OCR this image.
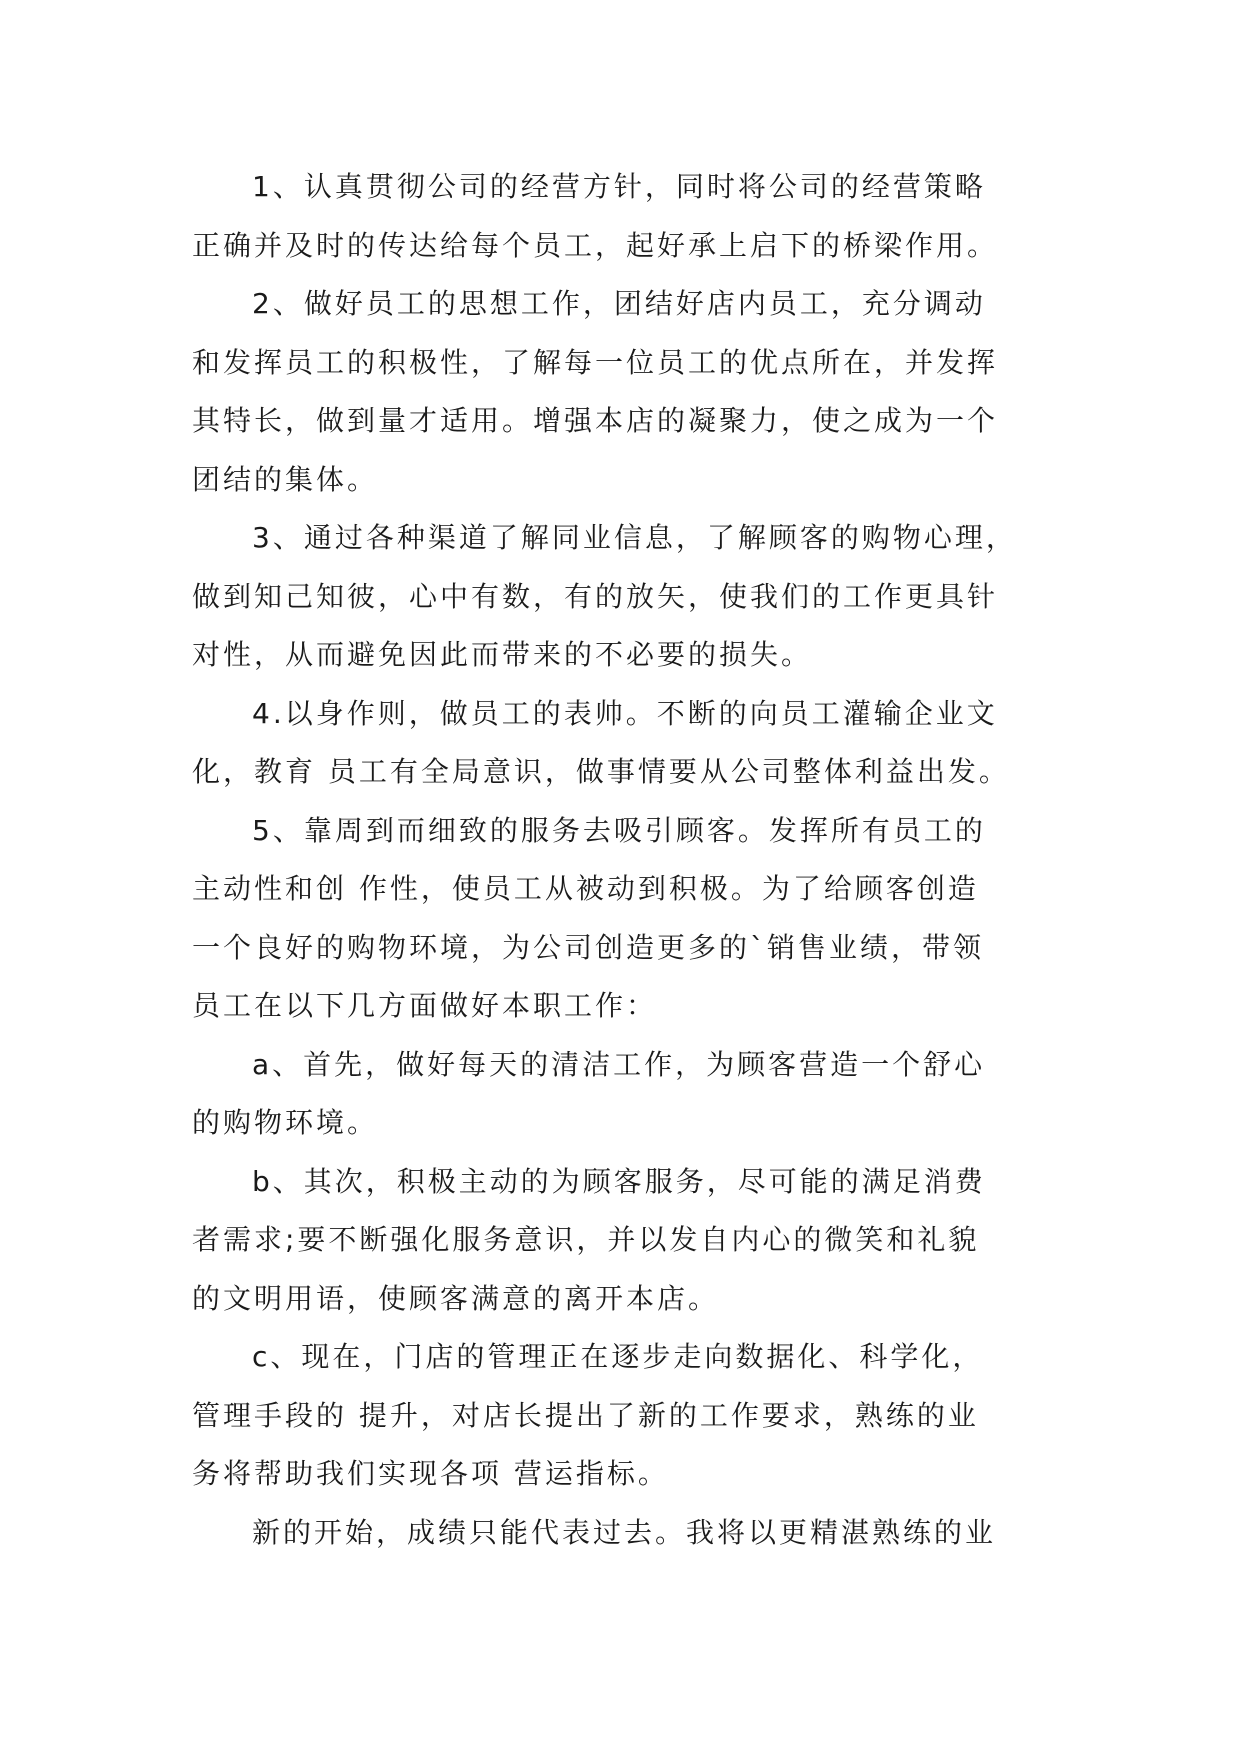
1、认真贯彻公司的经营方针，同时将公司的经营策略
正确并及时的传达给每个员工，起好承上启下的桥梁作用。
2、做好员工的思想工作，团结好店内员工，充分调动
和发挥员工的积极性，了解每一位员工的优点所在，并发挥
其特长，做到量才适用。增强本店的凝聚力，使之成为一个
团结的集体。
3、通过各种渠道了解同业信息，了解顾客的购物心理，
做到知己知彼，心中有数，有的放矢，使我们的工作更具针
对性，从而避免因此而带来的不必要的损失。
4.以身作则，做员工的表帅。不断的向员工灌输企业文
化，教育 员工有全局意识，做事情要从公司整体利益出发。
5、靠周到而细致的服务去吸引顾客。发挥所有员工的
主动性和创 作性，使员工从被动到积极。为了给顾客创造
一个良好的购物环境，为公司创造更多的`销售业绩，带领
员工在以下几方面做好本职工作：
a、首先，做好每天的清洁工作，为顾客营造一个舒心
的购物环境。
b、其次，积极主动的为顾客服务，尽可能的满足消费
者需求;要不断强化服务意识，并以发自内心的微笑和礼貌
的文明用语，使顾客满意的离开本店。
c、现在，门店的管理正在逐步走向数据化、科学化，
管理手段的 提升，对店长提出了新的工作要求，熟练的业
务将帮助我们实现各项 营运指标。
新的开始，成绩只能代表过去。我将以更精湛熟练的业
